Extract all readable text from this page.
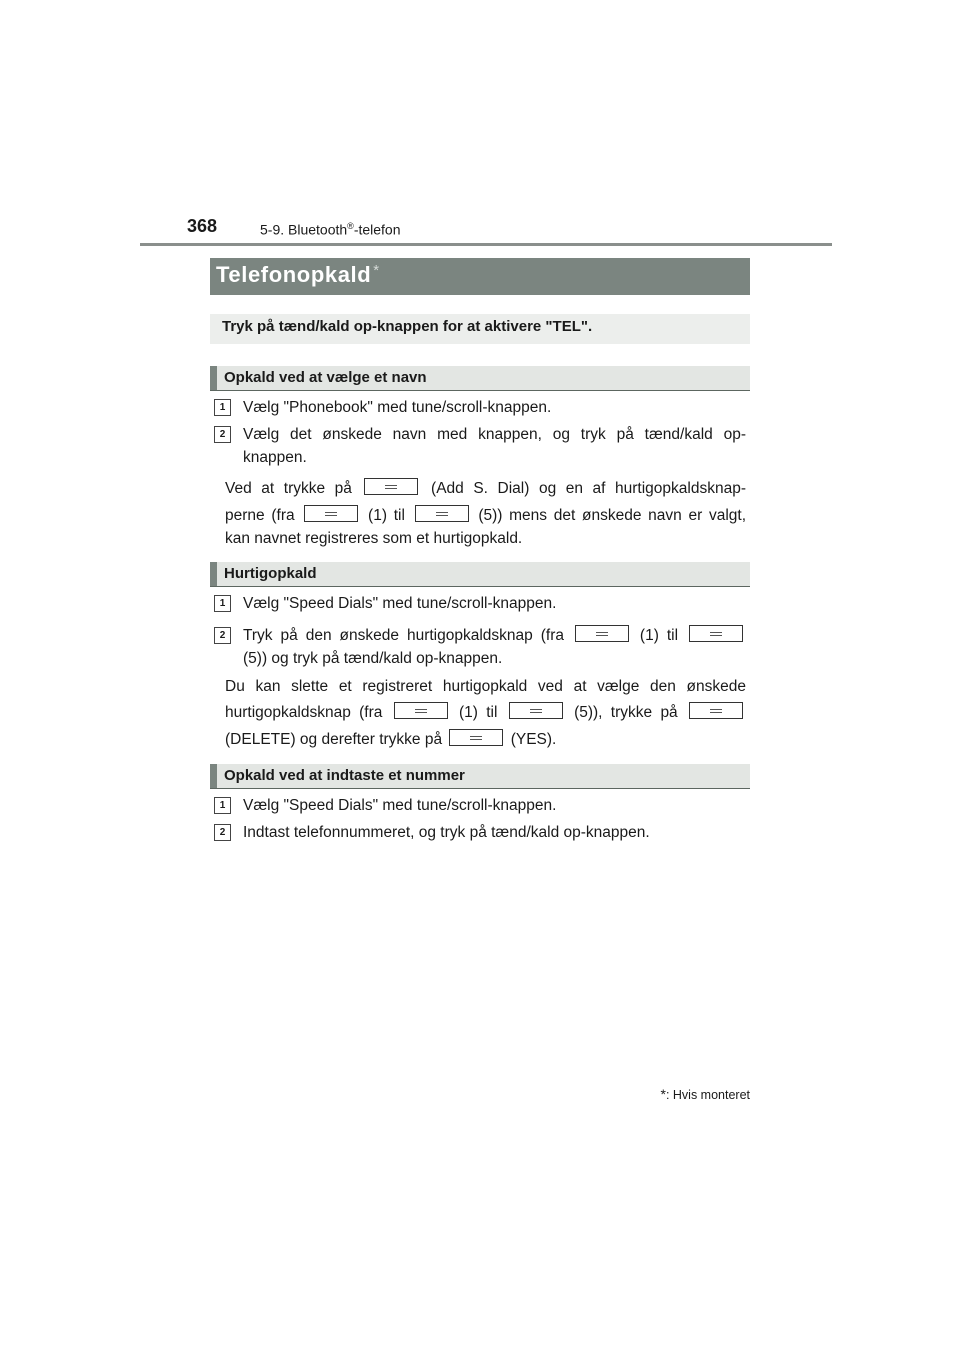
368	5-9. Bluetooth®-telefon
Telefonopkald *
Tryk på tænd/kald op-knappen for at aktivere "TEL".
Opkald ved at vælge et navn
1	Vælg "Phonebook" med tune/scroll-knappen.
2	Vælg det ønskede navn med knappen, og tryk på tænd/kald op-
knappen.
Ved at trykke på	(Add S. Dial) og en af hurtigopkaldsknap-
perne (fra	(1) til	(5)) mens det ønskede navn er valgt,
kan navnet registreres som et hurtigopkald.
Hurtigopkald
1	Vælg "Speed Dials" med tune/scroll-knappen.
2	Tryk på den ønskede hurtigopkaldsknap (fra	(1) til
(5)) og tryk på tænd/kald op-knappen.
Du kan slette et registreret hurtigopkald ved at vælge den ønskede
hurtigopkaldsknap (fra	(1) til	(5)), trykke på
(DELETE) og derefter trykke på	(YES).
Opkald ved at indtaste et nummer
1	Vælg "Speed Dials" med tune/scroll-knappen.
2	Indtast telefonnummeret, og tryk på tænd/kald op-knappen.
*: Hvis monteret
